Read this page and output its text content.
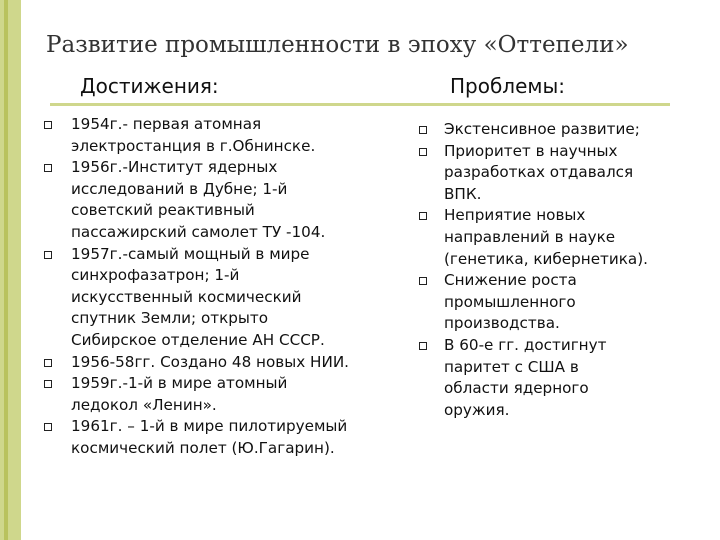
Развитие промышленности в эпоху «Оттепели»
Достижения:	Проблемы:
1954г.- первая атомная
электростанция в г.Обнинске.
1956г.-Институт ядерных
исследований в Дубне; 1-й
советский реактивный
пассажирский самолет ТУ -104.
1957г.-самый мощный в мире
синхрофазатрон; 1-й
искусственный космический
спутник Земли; открыто
Сибирское отделение АН СССР.
1956-58гг. Создано 48 новых НИИ.
1959г.-1-й в мире атомный
ледокол «Ленин».
1961г. – 1-й в мире пилотируемый
космический полет (Ю.Гагарин).
Экстенсивное развитие;
Приоритет в научных
разработках отдавался
ВПК.
Неприятие новых
направлений в науке
(генетика, кибернетика).
Снижение роста
промышленного
производства.
В 60-е гг. достигнут
паритет с США в
области ядерного
оружия.
